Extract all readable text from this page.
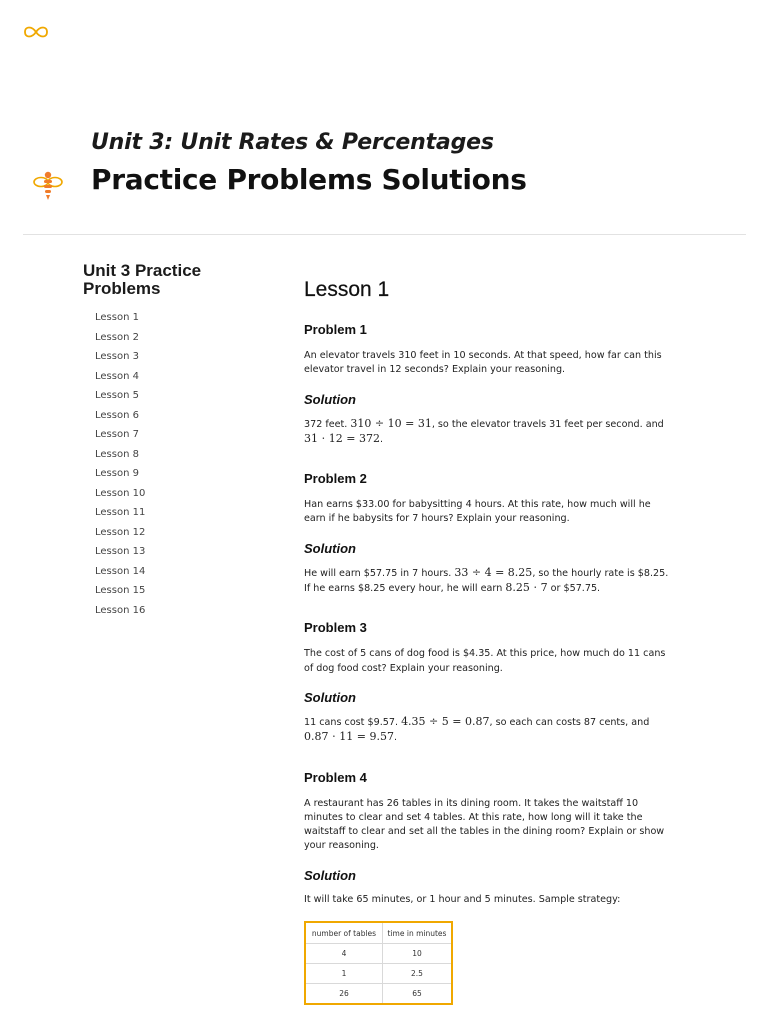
Unit 3: Unit Rates & Percentages
Practice Problems Solutions
Unit 3 Practice Problems
Lesson 1
Lesson 2
Lesson 3
Lesson 4
Lesson 5
Lesson 6
Lesson 7
Lesson 8
Lesson 9
Lesson 10
Lesson 11
Lesson 12
Lesson 13
Lesson 14
Lesson 15
Lesson 16
Lesson 1
Problem 1

An elevator travels 310 feet in 10 seconds. At that speed, how far can this elevator travel in 12 seconds? Explain your reasoning.

Solution

372 feet. 310 ÷ 10 = 31, so the elevator travels 31 feet per second. and 31 ⋅ 12 = 372.

Problem 2

Han earns $33.00 for babysitting 4 hours. At this rate, how much will he earn if he babysits for 7 hours? Explain your reasoning.

Solution

He will earn $57.75 in 7 hours. 33 ÷ 4 = 8.25, so the hourly rate is $8.25. If he earns $8.25 every hour, he will earn 8.25 ⋅ 7 or $57.75.

Problem 3

The cost of 5 cans of dog food is $4.35. At this price, how much do 11 cans of dog food cost? Explain your reasoning.

Solution

11 cans cost $9.57. 4.35 ÷ 5 = 0.87, so each can costs 87 cents, and 0.87 ⋅ 11 = 9.57.

Problem 4

A restaurant has 26 tables in its dining room. It takes the waitstaff 10 minutes to clear and set 4 tables. At this rate, how long will it take the waitstaff to clear and set all the tables in the dining room? Explain or show your reasoning.

Solution

It will take 65 minutes, or 1 hour and 5 minutes. Sample strategy:

number of tables	time in minutes
4	10
1	2.5
26	65
